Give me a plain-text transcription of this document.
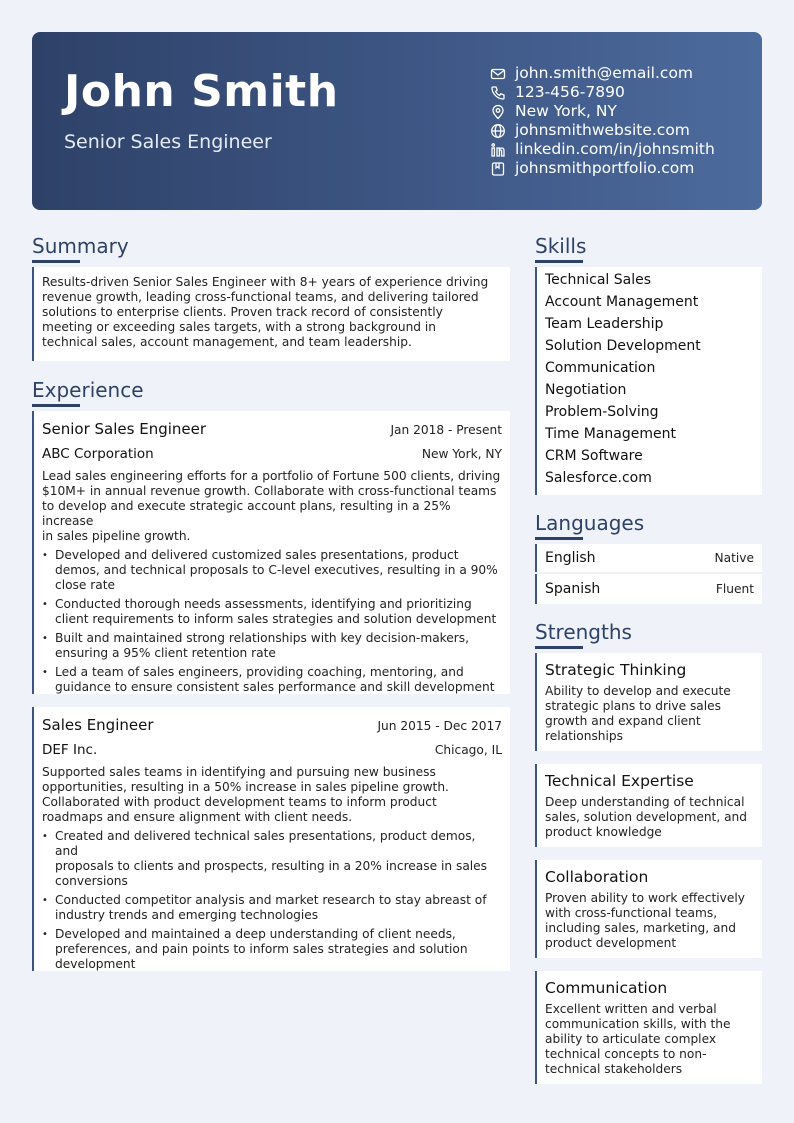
John Smith
Senior Sales Engineer
john.smith@email.com
123-456-7890
New York, NY
johnsmithwebsite.com
linkedin.com/in/johnsmith
johnsmithportfolio.com
Summary
Results-driven Senior Sales Engineer with 8+ years of experience driving
revenue growth, leading cross-functional teams, and delivering tailored
solutions to enterprise clients. Proven track record of consistently
meeting or exceeding sales targets, with a strong background in
technical sales, account management, and team leadership.
Experience
Senior Sales Engineer	Jan 2018 - Present
ABC Corporation	New York, NY
Lead sales engineering efforts for a portfolio of Fortune 500 clients, driving
$10M+ in annual revenue growth. Collaborate with cross-functional teams
to develop and execute strategic account plans, resulting in a 25% increase
in sales pipeline growth.
• Developed and delivered customized sales presentations, product
demos, and technical proposals to C-level executives, resulting in a 90%
close rate
• Conducted thorough needs assessments, identifying and prioritizing
client requirements to inform sales strategies and solution development
• Built and maintained strong relationships with key decision-makers,
ensuring a 95% client retention rate
• Led a team of sales engineers, providing coaching, mentoring, and
guidance to ensure consistent sales performance and skill development
Sales Engineer	Jun 2015 - Dec 2017
DEF Inc.	Chicago, IL
Supported sales teams in identifying and pursuing new business
opportunities, resulting in a 50% increase in sales pipeline growth.
Collaborated with product development teams to inform product
roadmaps and ensure alignment with client needs.
• Created and delivered technical sales presentations, product demos, and
proposals to clients and prospects, resulting in a 20% increase in sales
conversions
• Conducted competitor analysis and market research to stay abreast of
industry trends and emerging technologies
• Developed and maintained a deep understanding of client needs,
preferences, and pain points to inform sales strategies and solution
development
Skills
Technical Sales
Account Management
Team Leadership
Solution Development
Communication
Negotiation
Problem-Solving
Time Management
CRM Software
Salesforce.com
Languages
English	Native
Spanish	Fluent
Strengths
Strategic Thinking
Ability to develop and execute
strategic plans to drive sales
growth and expand client
relationships
Technical Expertise
Deep understanding of technical
sales, solution development, and
product knowledge
Collaboration
Proven ability to work effectively
with cross-functional teams,
including sales, marketing, and
product development
Communication
Excellent written and verbal
communication skills, with the
ability to articulate complex
technical concepts to non-
technical stakeholders
